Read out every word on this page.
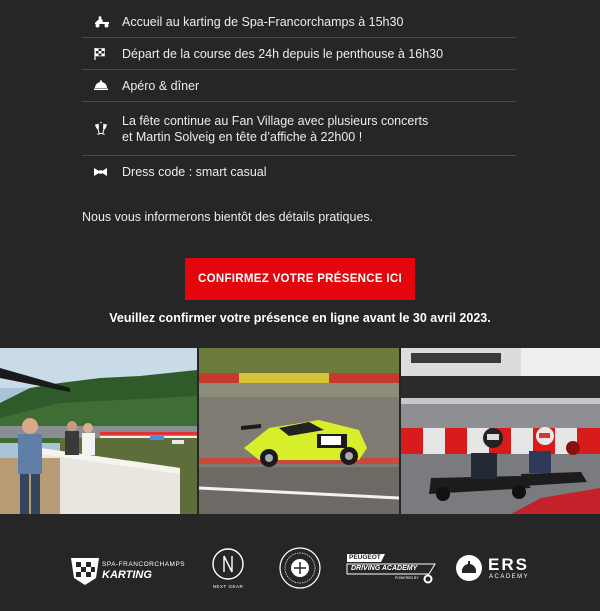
Accueil au karting de Spa-Francorchamps à 15h30
Départ de la course des 24h depuis le penthouse à 16h30
Apéro & dîner
La fête continue au Fan Village avec plusieurs concerts
et Martin Solveig en tête d’affiche à 22h00 !
Dress code : smart casual
Nous vous informerons bientôt des détails pratiques.
CONFIRMEZ VOTRE PRÉSENCE ICI
Veuillez confirmer votre présence en ligne avant le 30 avril 2023.
SPA-FRANCORCHAMPS
KARTING
NEXT GEAR
PEUGEOT
DRIVING ACADEMY
POWERED BY
ERS
ACADEMY
